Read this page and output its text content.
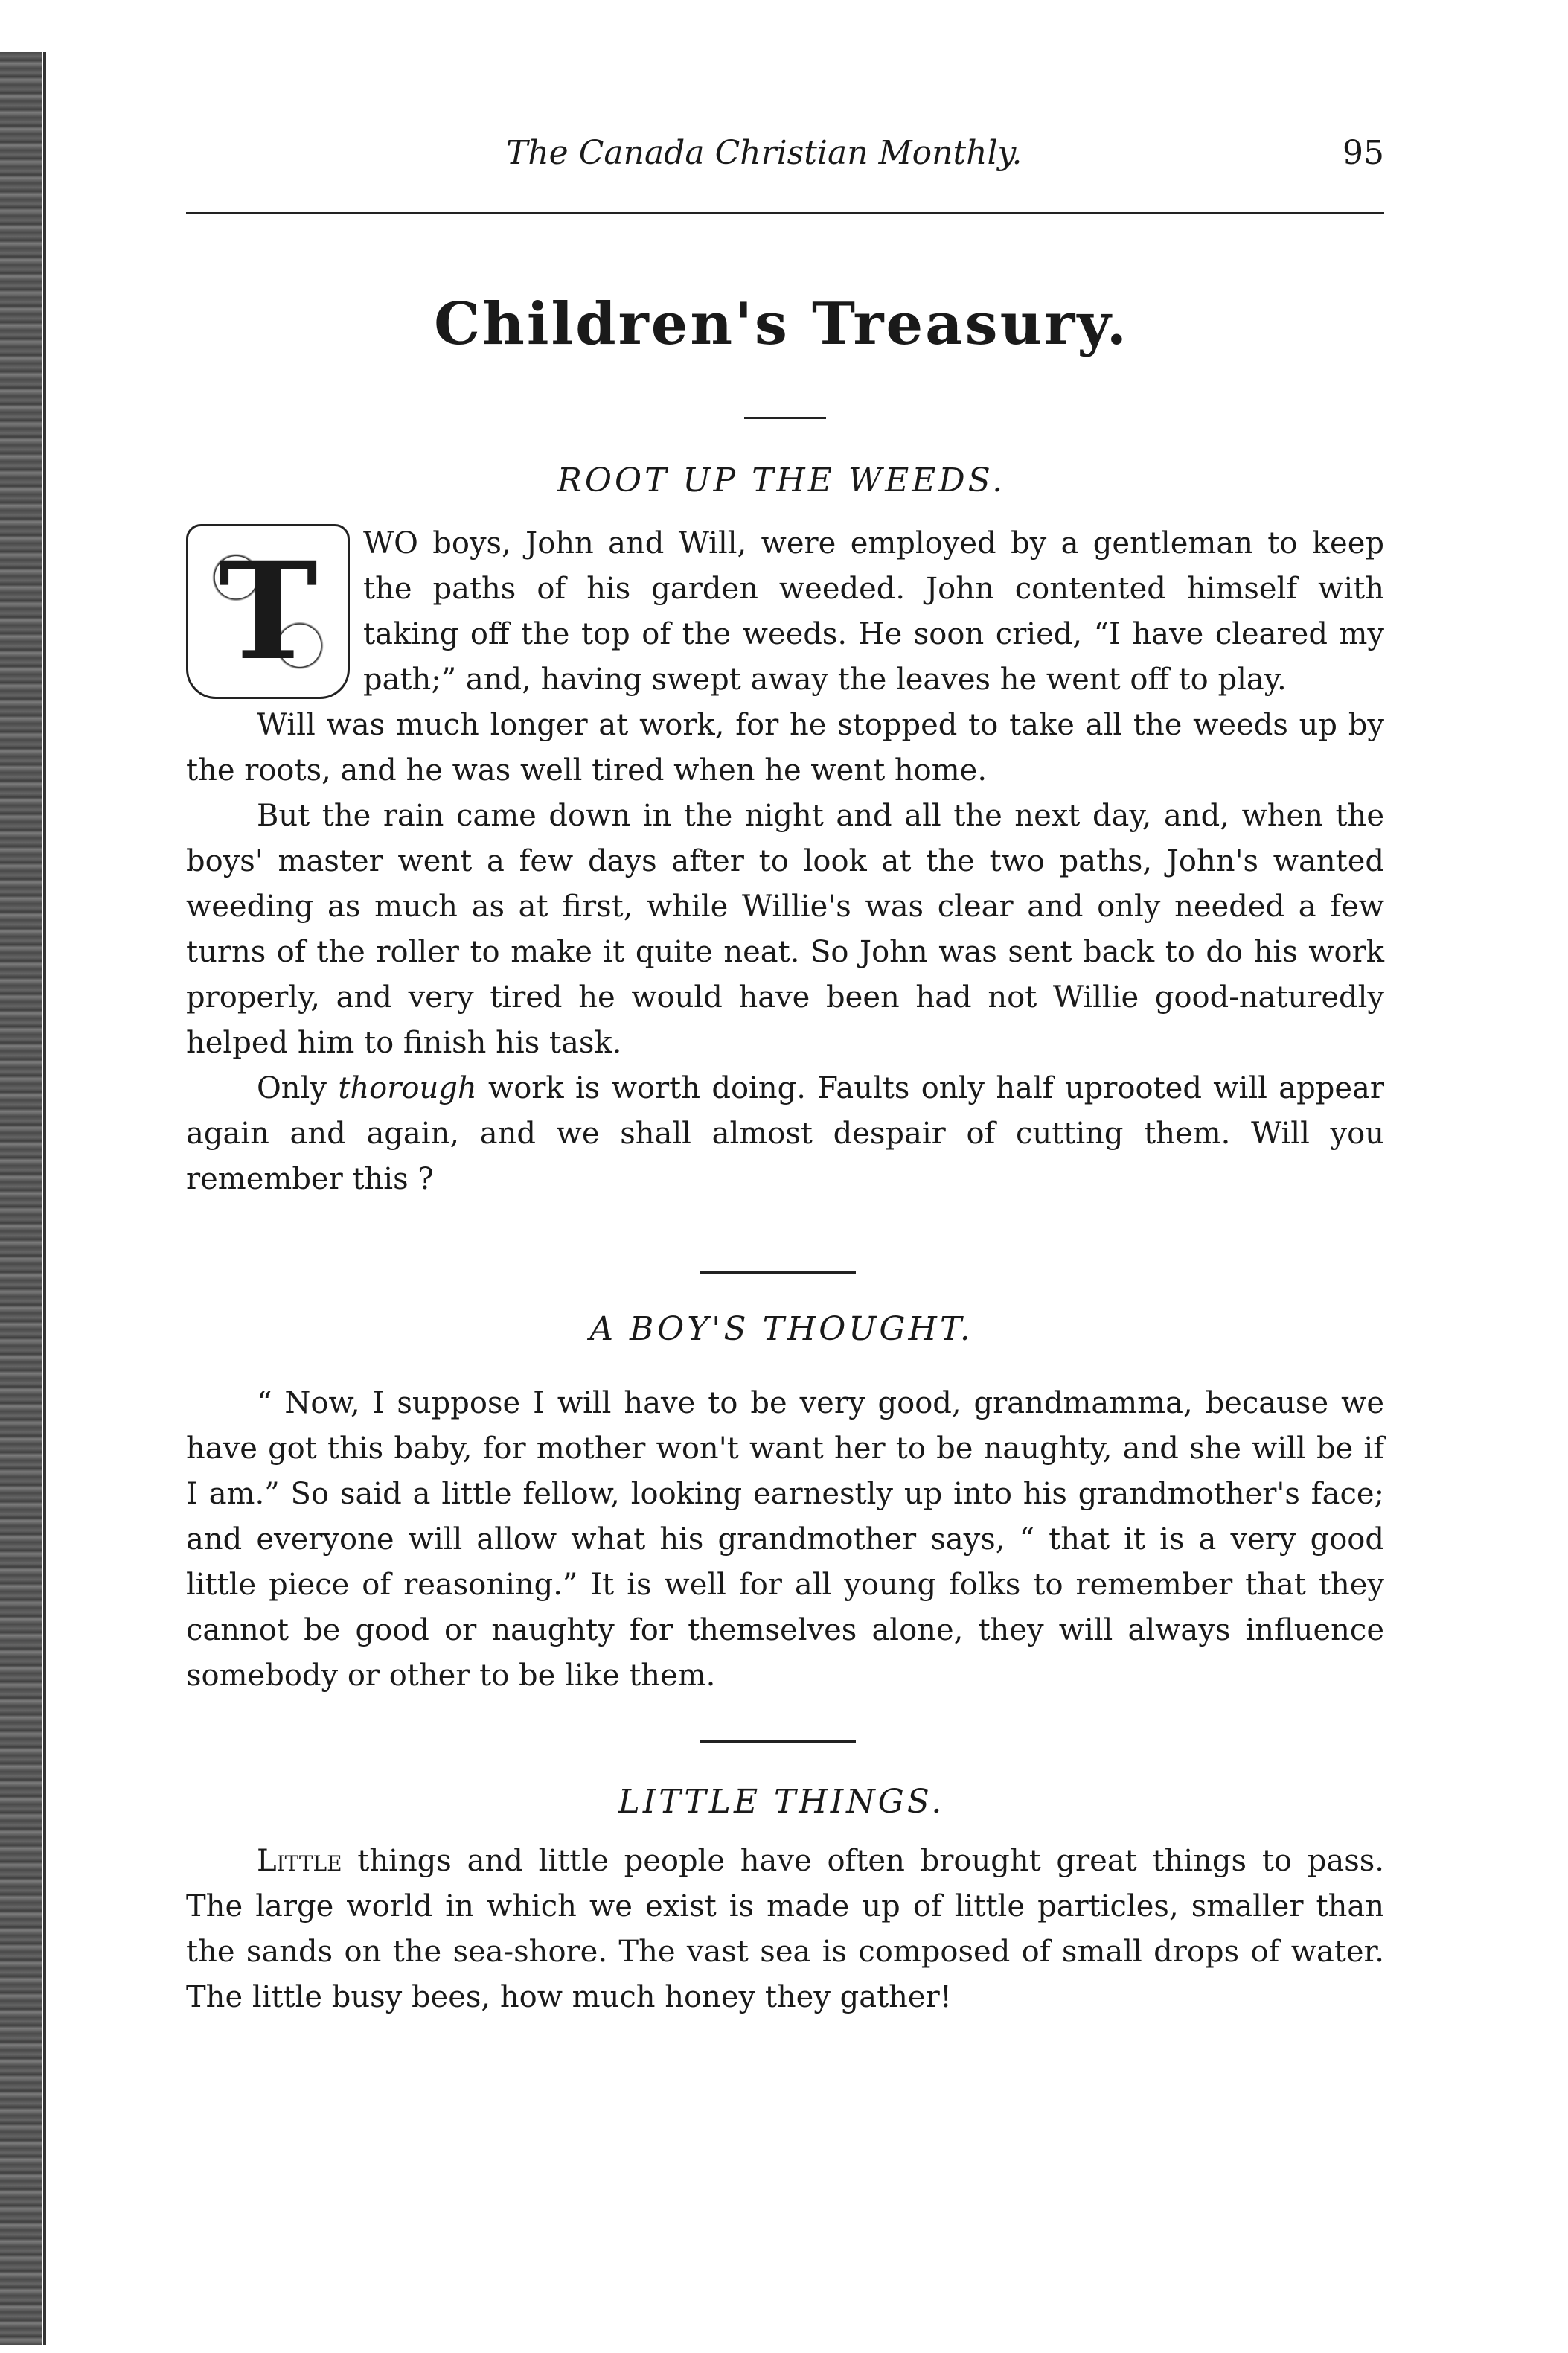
The Canada Christian Monthly.	95
Children's Treasury.
ROOT UP THE WEEDS.

T	WO boys, John and Will, were employed by a gentleman to keep the paths of his garden weeded. John contented himself with taking off the top of the weeds. He soon cried, “I have cleared my path;” and, having swept away the leaves he went off to play.

Will was much longer at work, for he stopped to take all the weeds up by the roots, and he was well tired when he went home.

But the rain came down in the night and all the next day, and, when the boys' master went a few days after to look at the two paths, John's wanted weeding as much as at first, while Willie's was clear and only needed a few turns of the roller to make it quite neat. So John was sent back to do his work properly, and very tired he would have been had not Willie good-naturedly helped him to finish his task.

Only thorough work is worth doing. Faults only half uprooted will appear again and again, and we shall almost despair of cutting them. Will you remember this ?

A BOY'S THOUGHT.

“ Now, I suppose I will have to be very good, grandmamma, because we have got this baby, for mother won't want her to be naughty, and she will be if I am.” So said a little fellow, looking earnestly up into his grandmother's face; and everyone will allow what his grandmother says, “ that it is a very good little piece of reasoning.” It is well for all young folks to remember that they cannot be good or naughty for themselves alone, they will always influence somebody or other to be like them.

LITTLE THINGS.

Little things and little people have often brought great things to pass. The large world in which we exist is made up of little particles, smaller than the sands on the sea-shore. The vast sea is composed of small drops of water. The little busy bees, how much honey they gather!
